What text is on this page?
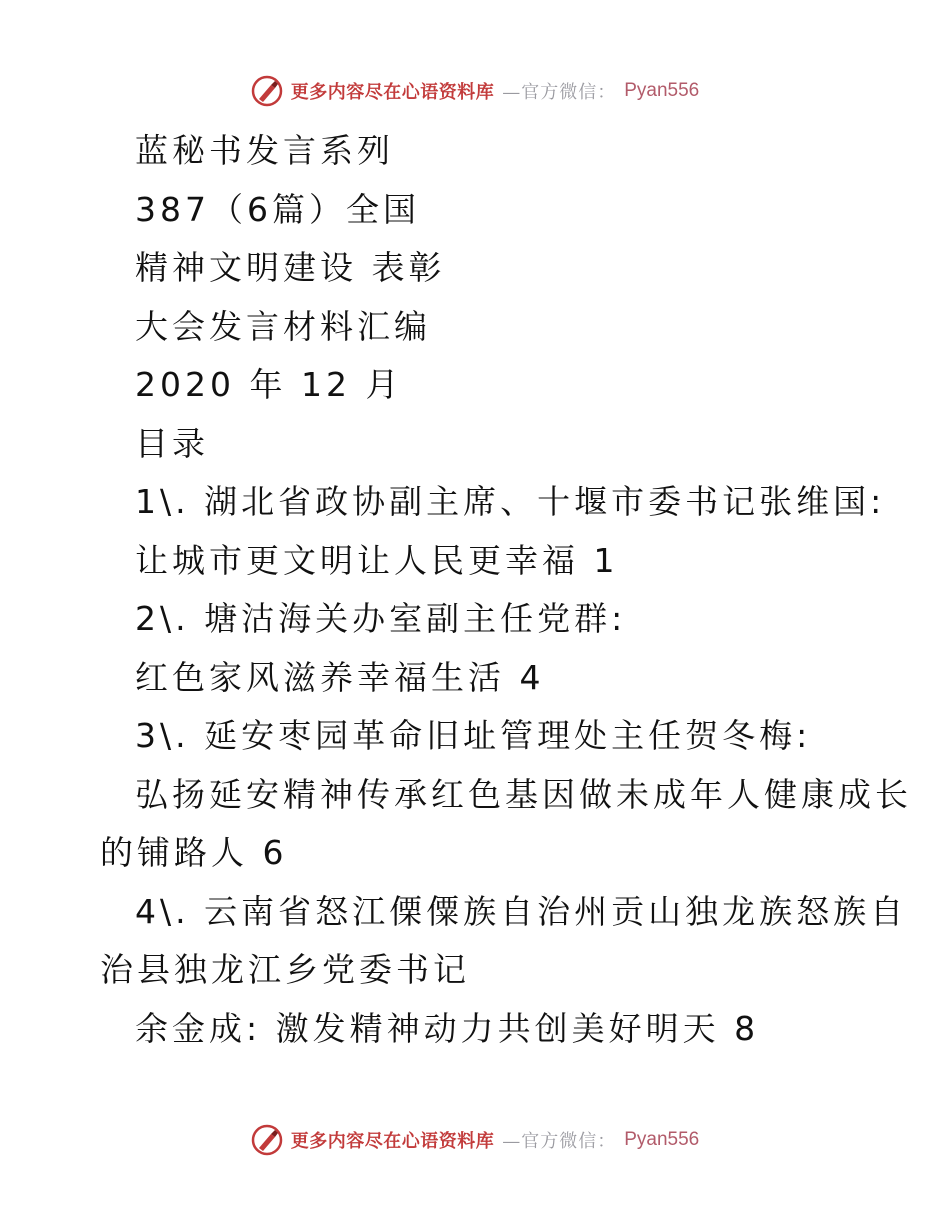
更多内容尽在心语资料库 —官方微信： Pyan556
蓝秘书发言系列
387（6篇）全国
精神文明建设 表彰
大会发言材料汇编
2020 年 12 月
目录
1\. 湖北省政协副主席、十堰市委书记张维国:
让城市更文明让人民更幸福 1
2\. 塘沽海关办室副主任党群:
红色家风滋养幸福生活 4
3\. 延安枣园革命旧址管理处主任贺冬梅:
弘扬延安精神传承红色基因做未成年人健康成长
的铺路人 6
4\. 云南省怒江傈僳族自治州贡山独龙族怒族自
治县独龙江乡党委书记
余金成: 激发精神动力共创美好明天 8
更多内容尽在心语资料库 —官方微信： Pyan556
